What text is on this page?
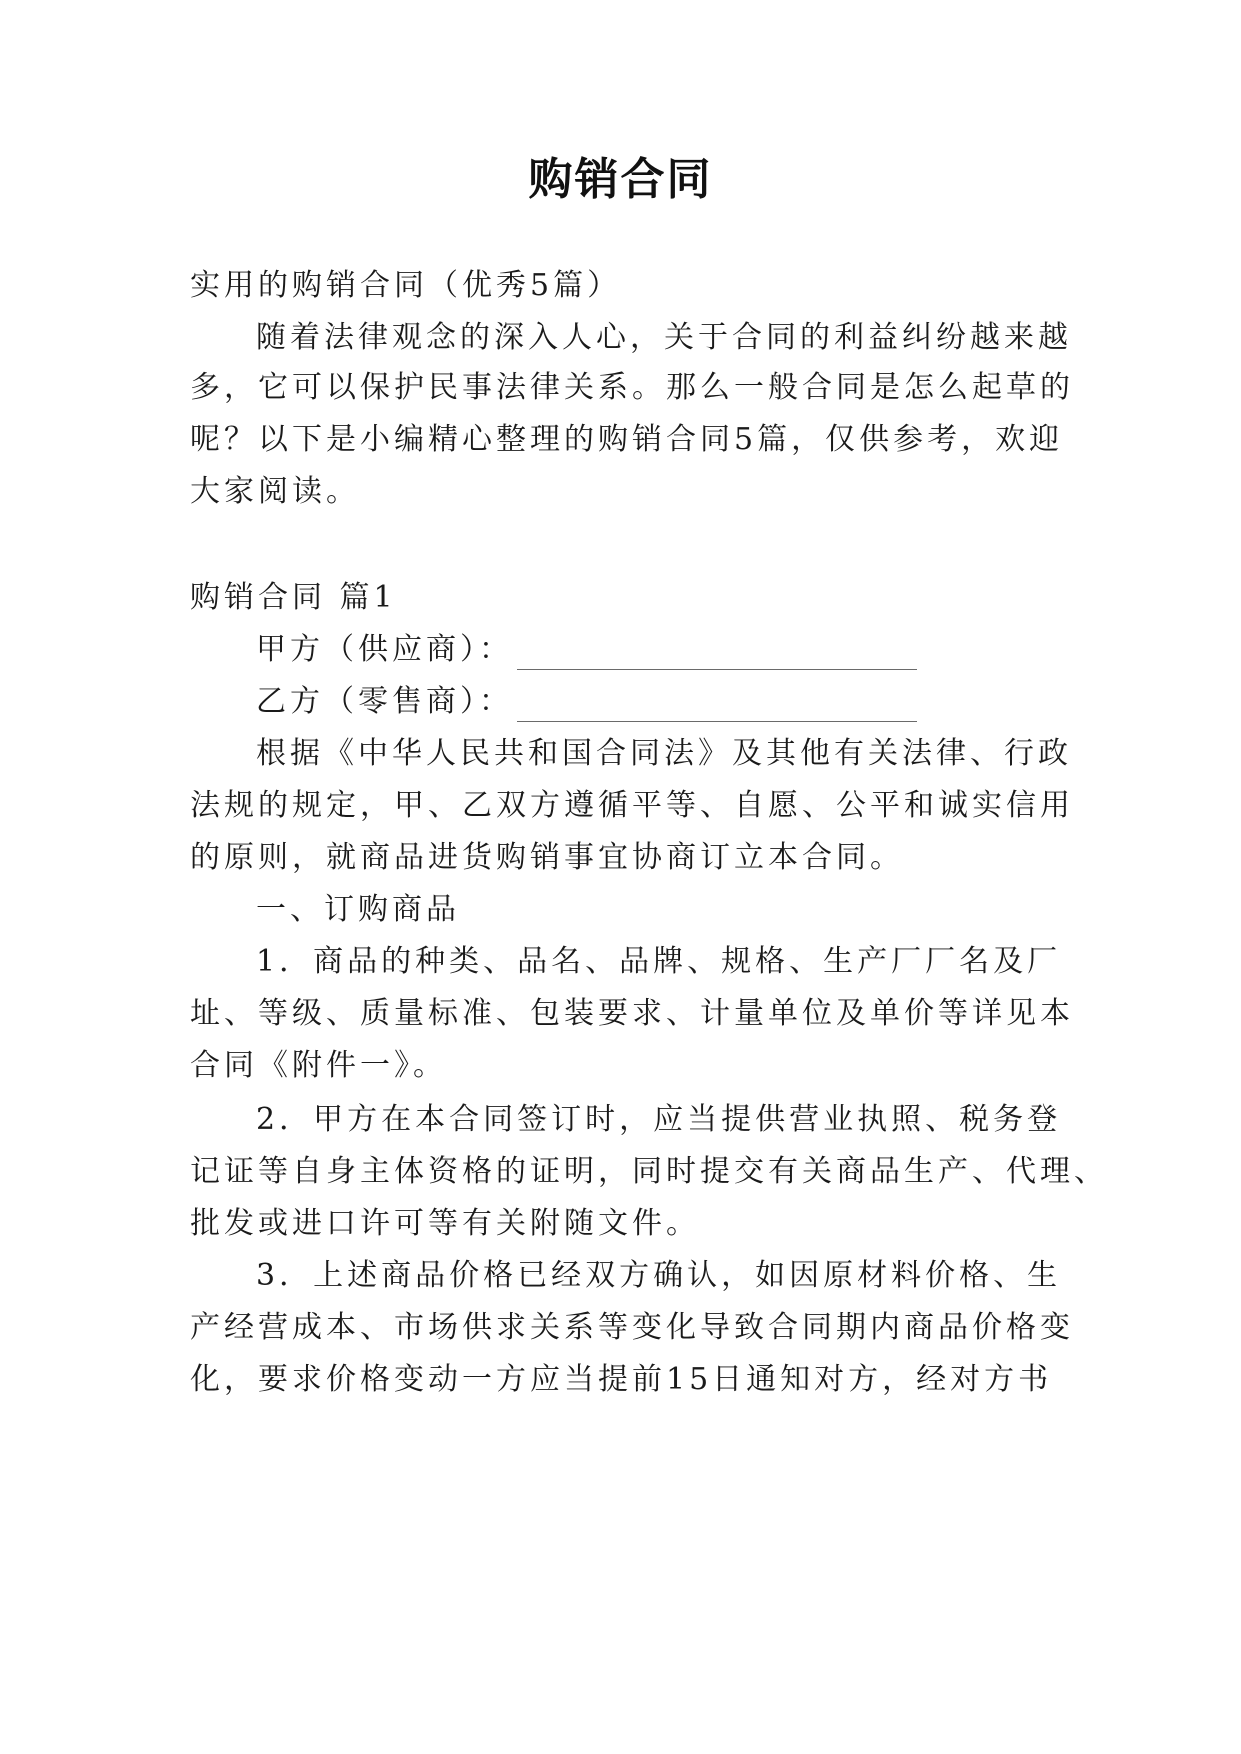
购销合同
实用的购销合同（优秀5篇）
随着法律观念的深入人心，关于合同的利益纠纷越来越
多，它可以保护民事法律关系。那么一般合同是怎么起草的
呢？以下是小编精心整理的购销合同5篇，仅供参考，欢迎
大家阅读。
购销合同 篇1
甲方（供应商）：
乙方（零售商）：
根据《中华人民共和国合同法》及其他有关法律、行政
法规的规定，甲、乙双方遵循平等、自愿、公平和诚实信用
的原则，就商品进货购销事宜协商订立本合同。
一、订购商品
1．商品的种类、品名、品牌、规格、生产厂厂名及厂
址、等级、质量标准、包装要求、计量单位及单价等详见本
合同《附件一》。
2．甲方在本合同签订时，应当提供营业执照、税务登
记证等自身主体资格的证明，同时提交有关商品生产、代理、
批发或进口许可等有关附随文件。
3．上述商品价格已经双方确认，如因原材料价格、生
产经营成本、市场供求关系等变化导致合同期内商品价格变
化，要求价格变动一方应当提前15日通知对方，经对方书
